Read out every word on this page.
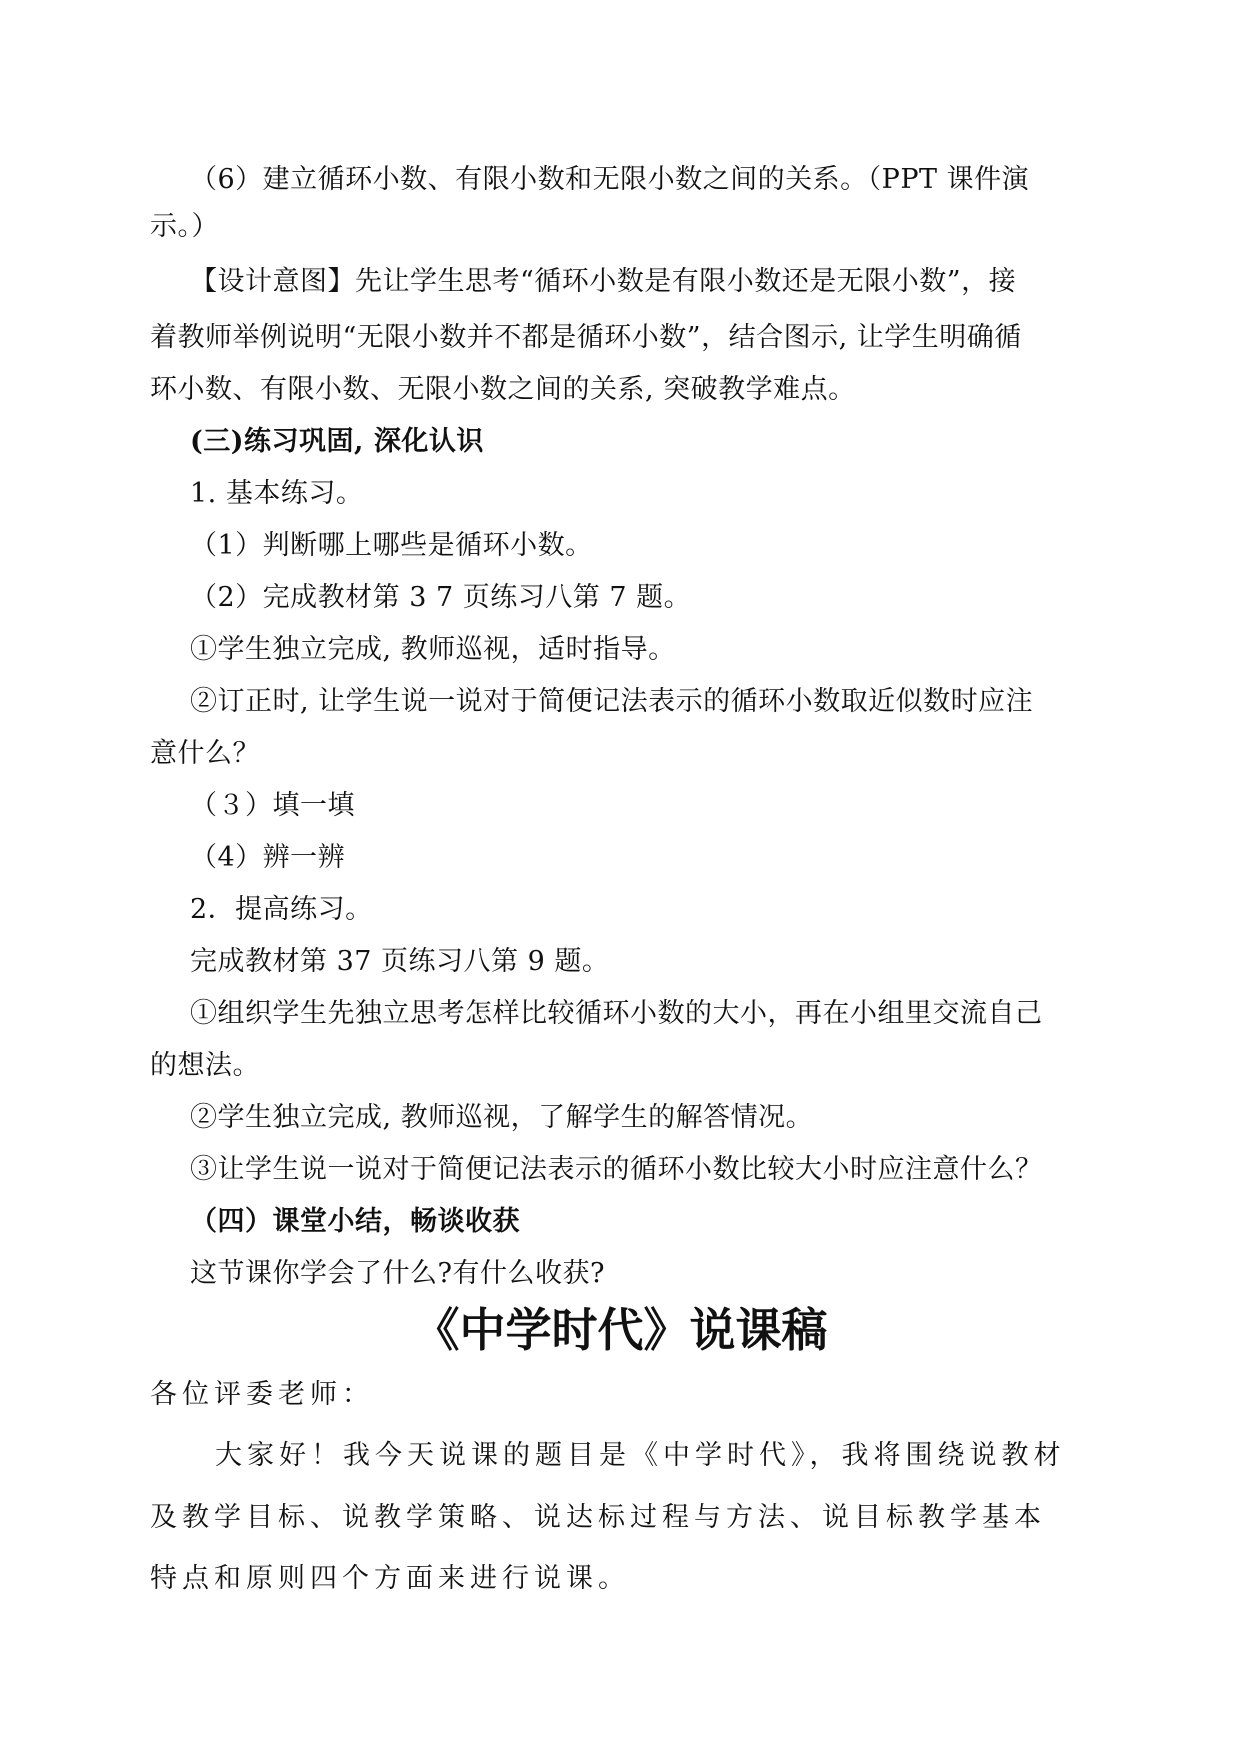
（6）建立循环小数、有限小数和无限小数之间的关系。（PPT 课件演
示。）
【设计意图】先让学生思考“循环小数是有限小数还是无限小数”，接
着教师举例说明“无限小数并不都是循环小数”，结合图示, 让学生明确循
环小数、有限小数、无限小数之间的关系, 突破教学难点。
(三)练习巩固, 深化认识
1. 基本练习。
（1）判断哪上哪些是循环小数。
（2）完成教材第 3 7 页练习八第 7 题。
①学生独立完成, 教师巡视，适时指导。
②订正时, 让学生说一说对于简便记法表示的循环小数取近似数时应注
意什么？
（３）填一填
（4）辨一辨
2．提高练习。
完成教材第 37 页练习八第 9 题。
①组织学生先独立思考怎样比较循环小数的大小，再在小组里交流自己
的想法。
②学生独立完成, 教师巡视，了解学生的解答情况。
③让学生说一说对于简便记法表示的循环小数比较大小时应注意什么？
（四）课堂小结，畅谈收获
这节课你学会了什么?有什么收获?
《中学时代》说课稿
各位评委老师：
大家好！我今天说课的题目是《中学时代》，我将围绕说教材
及教学目标、说教学策略、说达标过程与方法、说目标教学基本
特点和原则四个方面来进行说课。
